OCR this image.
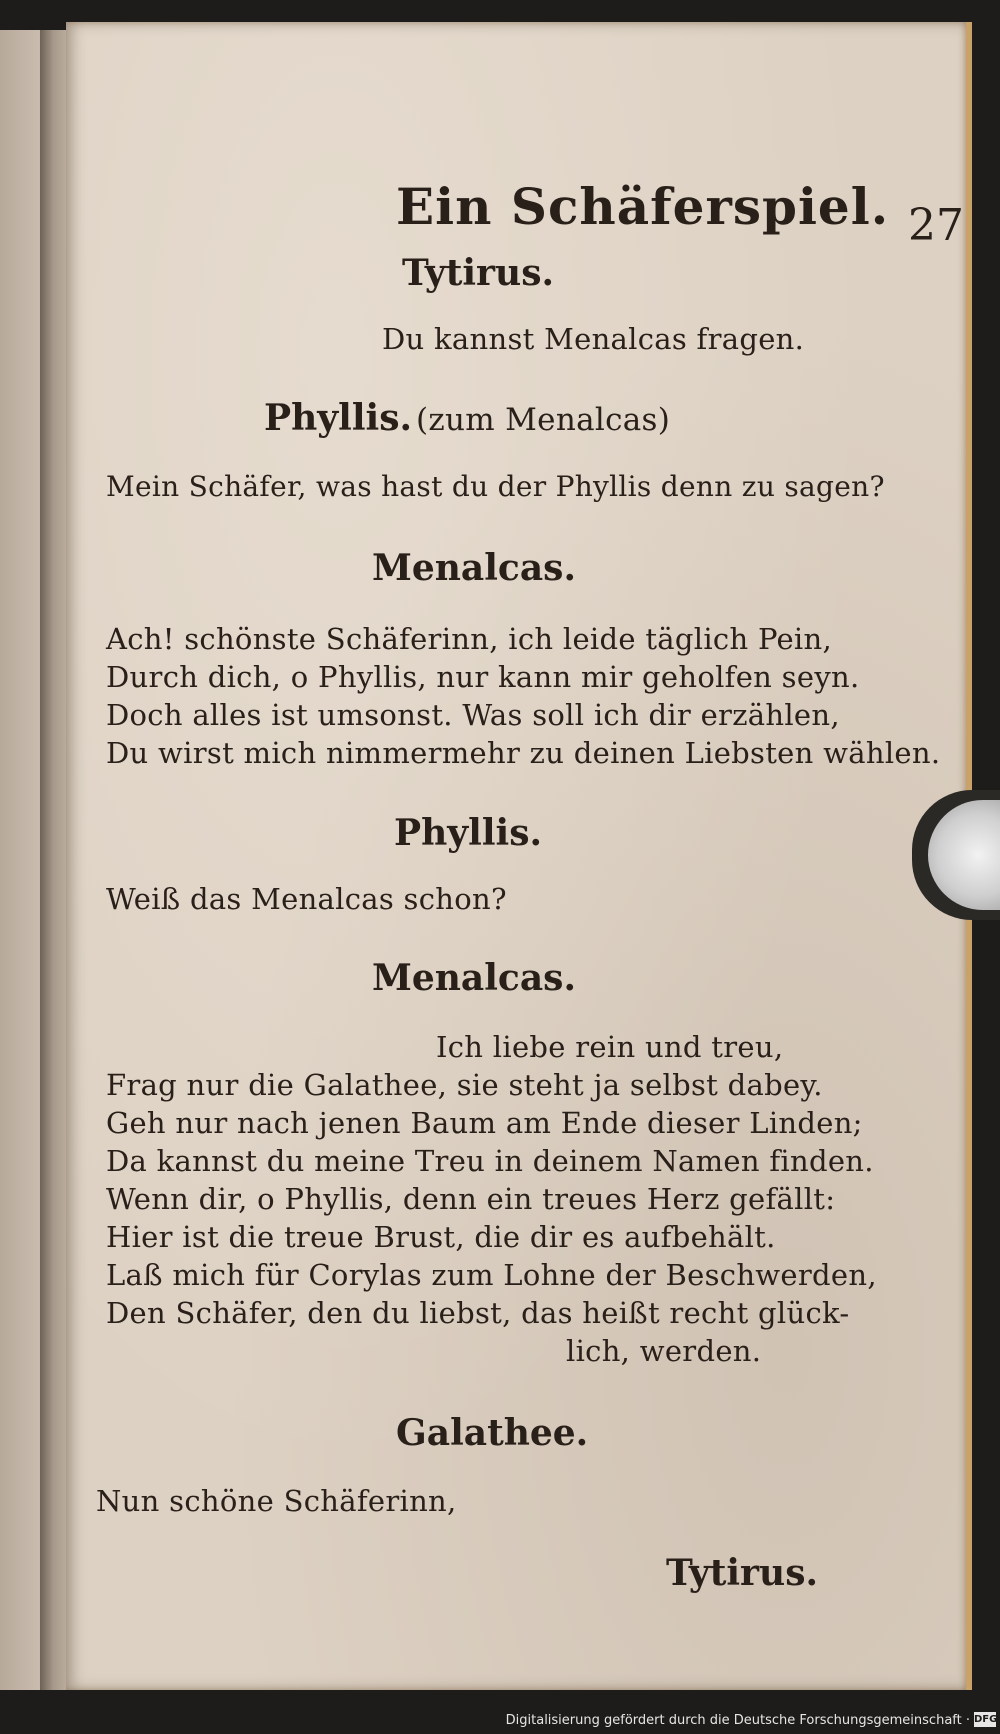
Ein Schäferspiel. 27
Tytirus.
Du kannst Menalcas fragen.
Phyllis. (zum Menalcas)
Mein Schäfer, was hast du der Phyllis denn zu sagen?
Menalcas.
Ach! schönste Schäferinn, ich leide täglich Pein,
Durch dich, o Phyllis, nur kann mir geholfen seyn.
Doch alles ist umsonst. Was soll ich dir erzählen,
Du wirst mich nimmermehr zu deinen Liebsten wählen.
Phyllis.
Weiß das Menalcas schon?
Menalcas.
Ich liebe rein und treu,
Frag nur die Galathee, sie steht ja selbst dabey.
Geh nur nach jenen Baum am Ende dieser Linden;
Da kannst du meine Treu in deinem Namen finden.
Wenn dir, o Phyllis, denn ein treues Herz gefällt:
Hier ist die treue Brust, die dir es aufbehält.
Laß mich für Corylas zum Lohne der Beschwerden,
Den Schäfer, den du liebst, das heißt recht glück-
lich, werden.
Galathee.
Nun schöne Schäferinn,
Tytirus.
Digitalisierung gefördert durch die Deutsche Forschungsgemeinschaft · DFG
